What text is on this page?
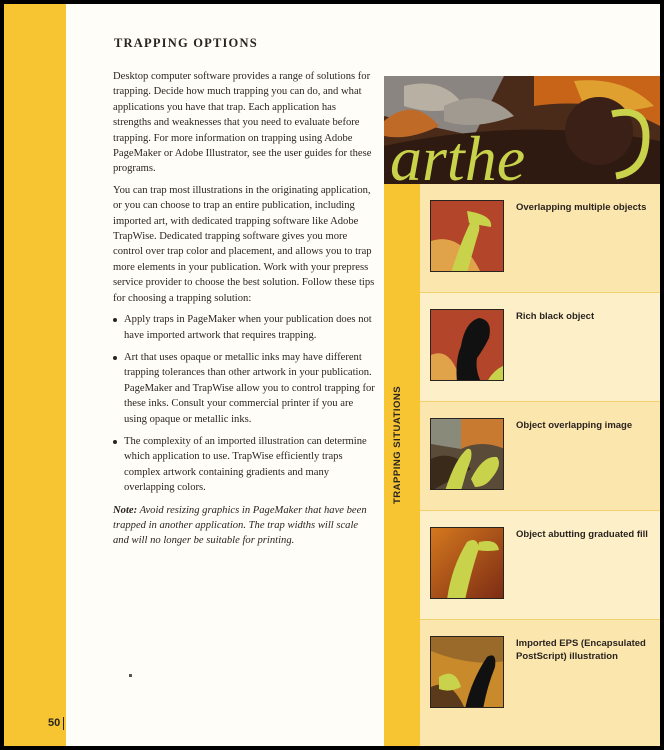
50
TRAPPING OPTIONS

Desktop computer software provides a range of solutions for trapping. Decide how much trapping you can do, and what applications you have that trap. Each application has strengths and weaknesses that you need to evaluate before trapping. For more information on trapping using Adobe PageMaker or Adobe Illustrator, see the user guides for these programs.

You can trap most illustrations in the originating application, or you can choose to trap an entire publication, including imported art, with dedicated trapping software like Adobe TrapWise. Dedicated trapping software gives you more control over trap color and placement, and allows you to trap more elements in your publication. Work with your prepress service provider to choose the best solution. Follow these tips for choosing a trapping solution:

Apply traps in PageMaker when your publication does not have imported artwork that requires trapping.
Art that uses opaque or metallic inks may have different trapping tolerances than other artwork in your publication. PageMaker and TrapWise allow you to control trapping for these inks. Consult your commercial printer if you are using opaque or metallic inks.
The complexity of an imported illustration can determine which application to use. TrapWise efficiently traps complex artwork containing gradients and many overlapping colors.

Note: Avoid resizing graphics in PageMaker that have been trapped in another application. The trap widths will scale and will no longer be suitable for printing.

arthe
TRAPPING SITUATIONS
Overlapping multiple objects
Rich black object
Object overlapping image
Object abutting graduated fill
Imported EPS (Encapsulated PostScript) illustration
